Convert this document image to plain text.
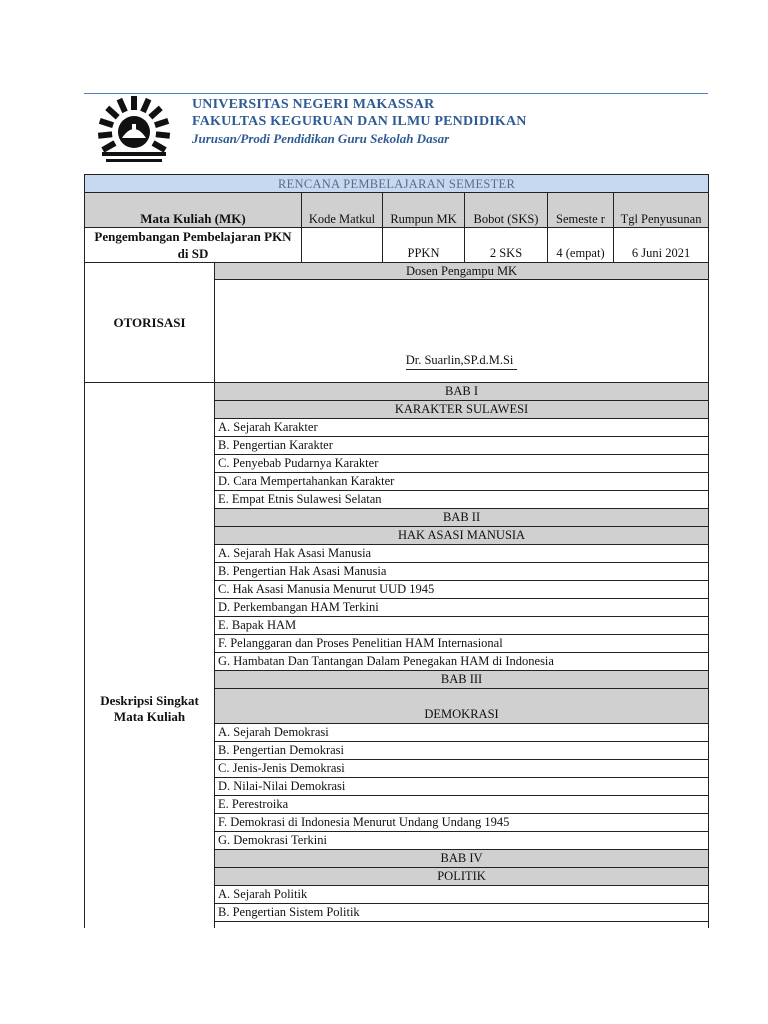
UNIVERSITAS NEGERI MAKASSAR
FAKULTAS KEGURUAN DAN ILMU PENDIDIKAN
Jurusan/Prodi Pendidikan Guru Sekolah Dasar
RENCANA PEMBELAJARAN SEMESTER						
Mata Kuliah (MK)		Kode Matkul	Rumpun MK	Bobot (SKS)	Semeste r	Tgl Penyusunan
Pengembangan Pembelajaran PKN di SD			PPKN	2 SKS	4 (empat)	6 Juni 2021
OTORISASI	Dosen Pengampu MK					
	Dr. Suarlin,SP.d.M.Si					
Deskripsi Singkat Mata Kuliah	BAB I					
	KARAKTER SULAWESI					
	A. Sejarah Karakter					
	B. Pengertian Karakter					
	C. Penyebab Pudarnya Karakter					
	D. Cara Mempertahankan Karakter					
	E. Empat Etnis Sulawesi Selatan					
	BAB II					
	HAK ASASI MANUSIA					
	A. Sejarah Hak Asasi Manusia					
	B. Pengertian Hak Asasi Manusia					
	C. Hak Asasi Manusia Menurut UUD 1945					
	D. Perkembangan HAM Terkini					
	E. Bapak HAM					
	F. Pelanggaran dan Proses Penelitian HAM Internasional					
	G. Hambatan Dan Tantangan Dalam Penegakan HAM di Indonesia					
	BAB III					
	DEMOKRASI					
	A. Sejarah Demokrasi					
	B. Pengertian Demokrasi					
	C. Jenis-Jenis Demokrasi					
	D. Nilai-Nilai Demokrasi					
	E. Perestroika					
	F. Demokrasi di Indonesia Menurut Undang Undang 1945					
	G. Demokrasi Terkini					
	BAB IV					
	POLITIK					
	A. Sejarah Politik					
	B. Pengertian Sistem Politik					
